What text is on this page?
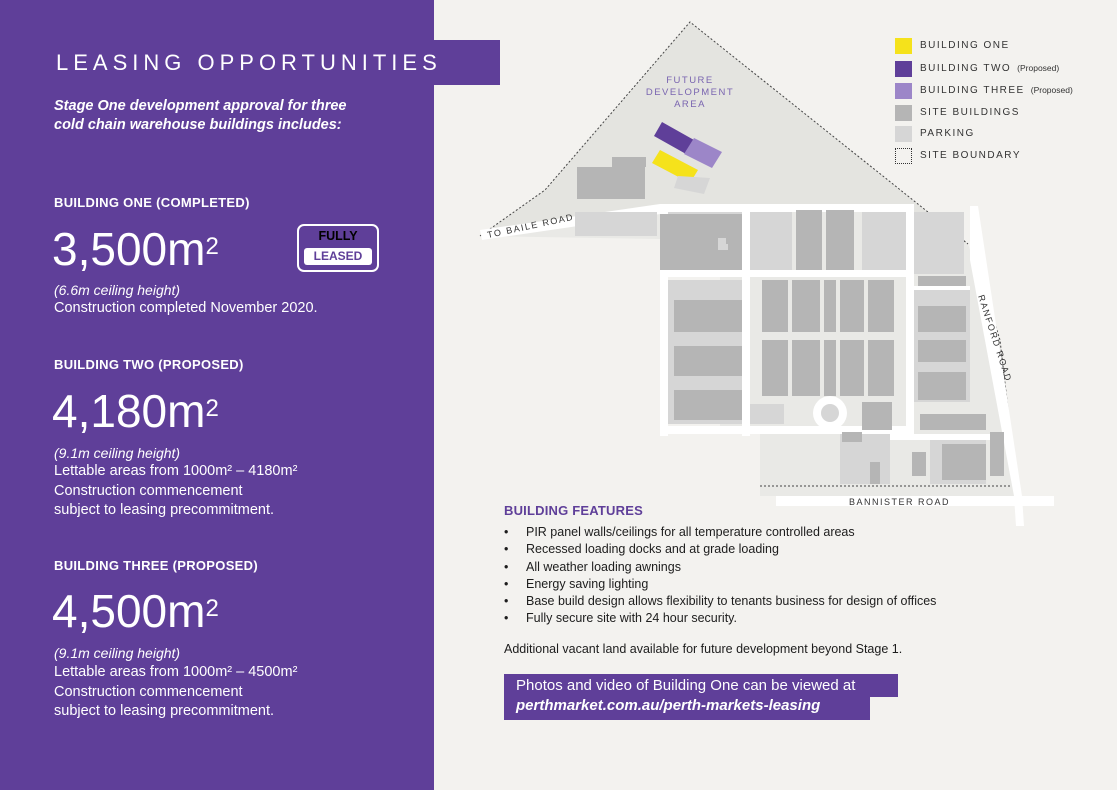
LEASING OPPORTUNITIES
Stage One development approval for three
cold chain warehouse buildings includes:
BUILDING ONE (COMPLETED)
$3,500m^2$	FULLY
LEASED
(6.6m ceiling height)
Construction completed November 2020.
BUILDING TWO (PROPOSED)
$4,180m^2$
(9.1m ceiling height)
Lettable areas from 1000m² – 4180m²
Construction commencement
subject to leasing precommitment.
BUILDING THREE (PROPOSED)
$4,500m^2$
(9.1m ceiling height)
Lettable areas from 1000m² – 4500m²
Construction commencement
subject to leasing precommitment.
FUTURE
DEVELOPMENT
AREA
TO BAILE ROAD
RANFORD ROAD
BANNISTER ROAD
BUILDING ONE
BUILDING TWO (Proposed)
BUILDING THREE (Proposed)
SITE BUILDINGS
PARKING
SITE BOUNDARY
BUILDING FEATURES
• PIR panel walls/ceilings for all temperature controlled areas
• Recessed loading docks and at grade loading
• All weather loading awnings
• Energy saving lighting
• Base build design allows flexibility to tenants business for design of offices
• Fully secure site with 24 hour security.
Additional vacant land available for future development beyond Stage 1.
Photos and video of Building One can be viewed at
perthmarket.com.au/perth-markets-leasing
